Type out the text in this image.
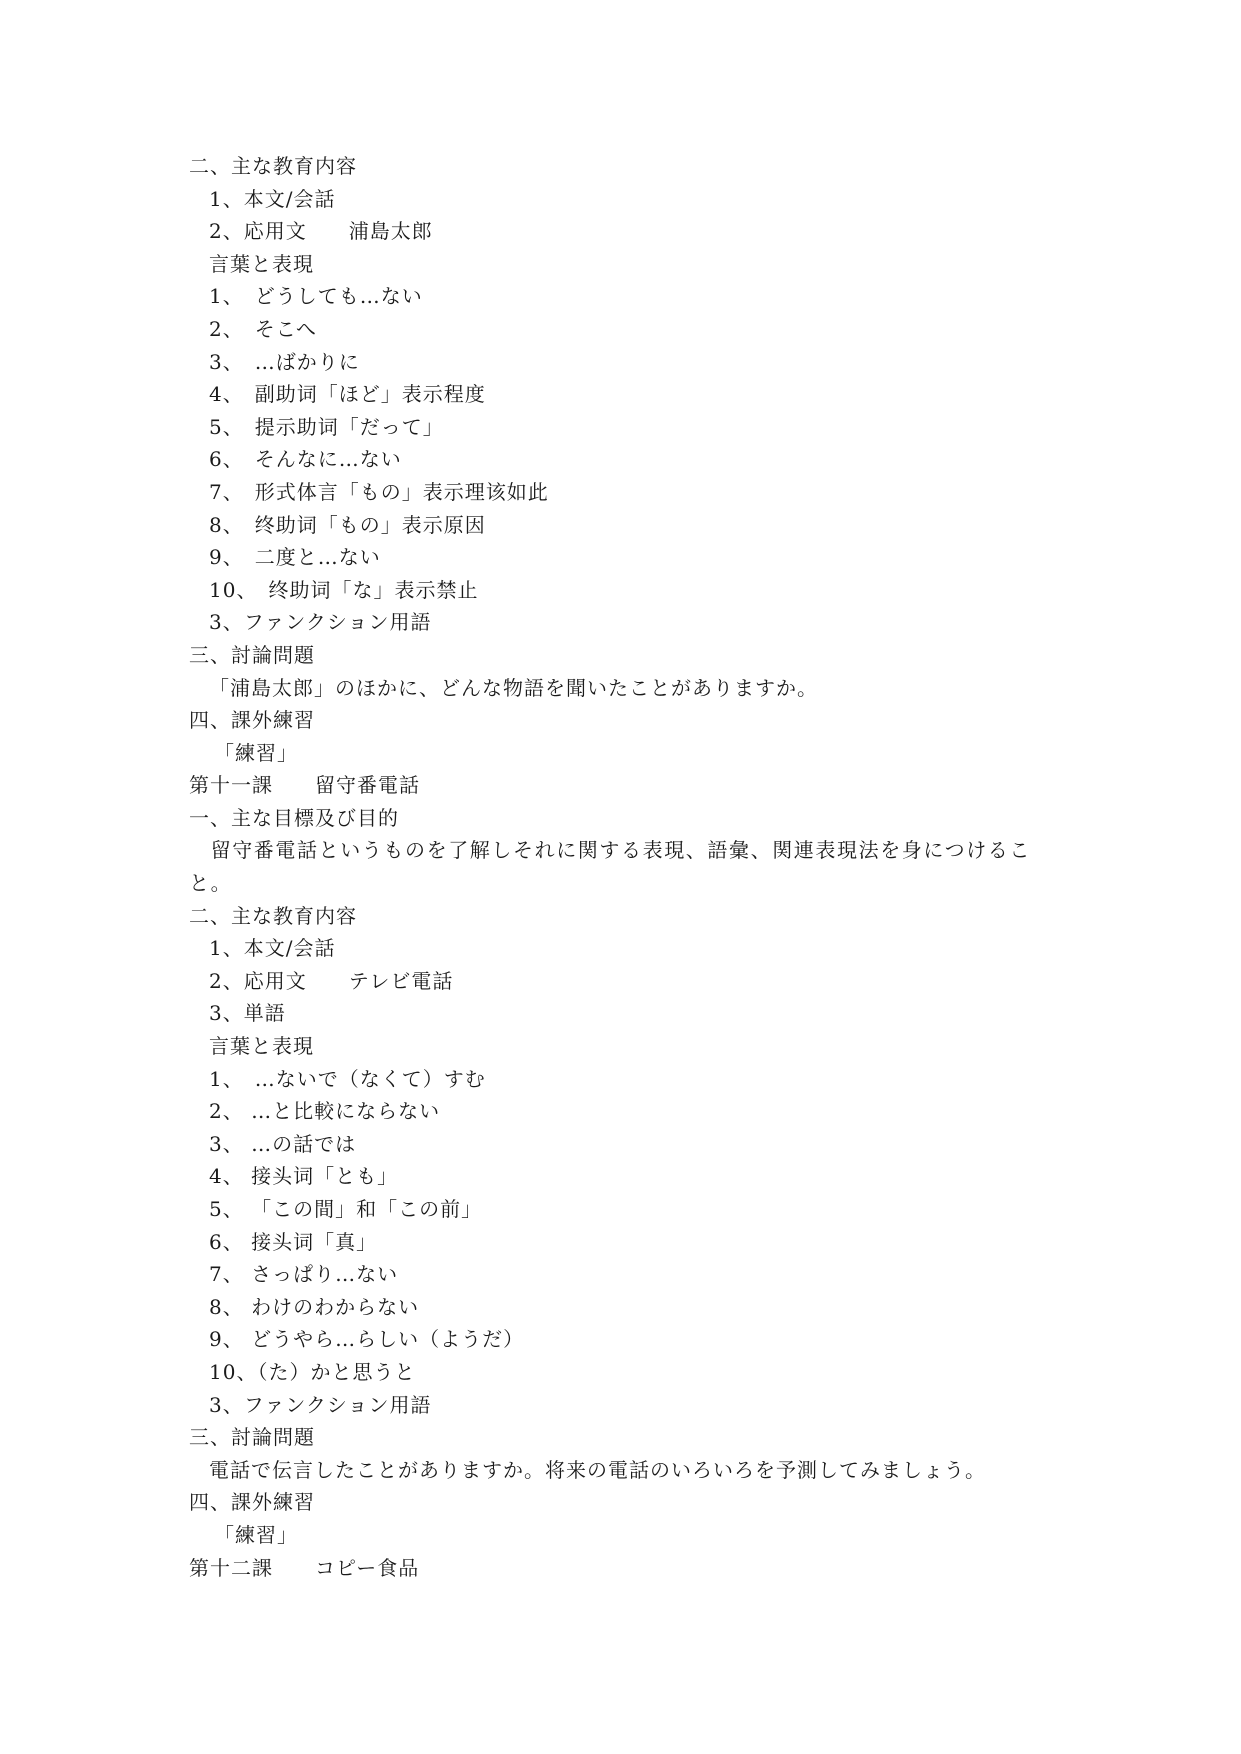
二、主な教育内容
1、本文/会話
2、応用文　　浦島太郎
言葉と表現
1、　どうしても…ない
2、　そこへ
3、　…ばかりに
4、　副助词「ほど」表示程度
5、　提示助词「だって」
6、　そんなに…ない
7、　形式体言「もの」表示理该如此
8、　终助词「もの」表示原因
9、　二度と…ない
10、　终助词「な」表示禁止
3、ファンクション用語
三、討論問題
「浦島太郎」のほかに、どんな物語を聞いたことがありますか。
四、課外練習
「練習」
第十一課　　留守番電話
一、主な目標及び目的
　留守番電話というものを了解しそれに関する表現、語彙、関連表現法を身につけること。
二、主な教育内容
1、本文/会話
2、応用文　　テレビ電話
3、単語
言葉と表現
1、　…ないで（なくて）すむ
2、 …と比較にならない
3、 …の話では
4、 接头词「とも」
5、 「この間」和「この前」
6、 接头词「真」
7、 さっぱり…ない
8、 わけのわからない
9、 どうやら…らしい（ようだ）
10、（た）かと思うと
3、ファンクション用語
三、討論問題
電話で伝言したことがありますか。将来の電話のいろいろを予測してみましょう。
四、課外練習
「練習」
第十二課　　コピー食品
